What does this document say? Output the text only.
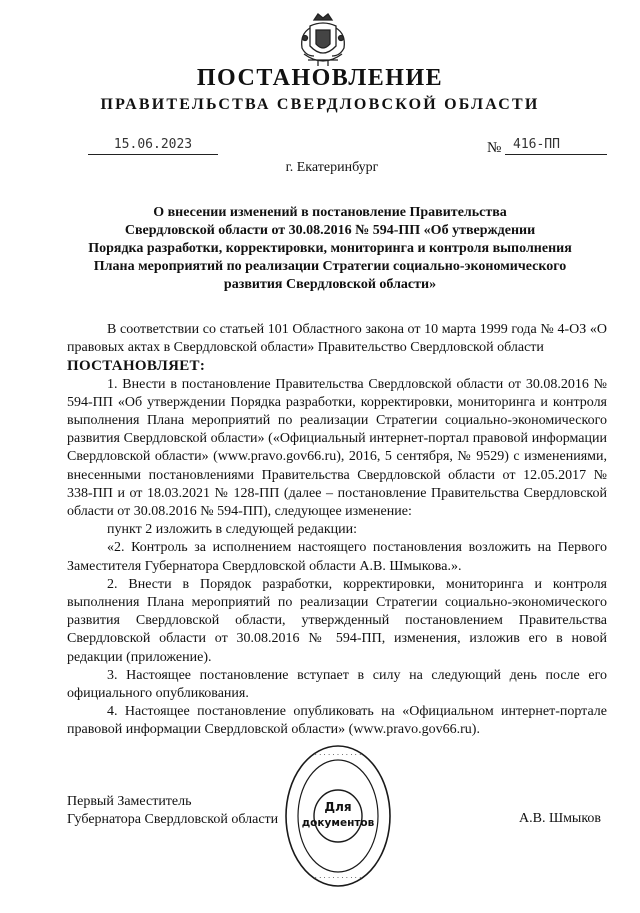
ПОСТАНОВЛЕНИЕ
ПРАВИТЕЛЬСТВА СВЕРДЛОВСКОЙ ОБЛАСТИ
15.06.2023	№ 416-ПП
г. Екатеринбург
О внесении изменений в постановление Правительства
Свердловской области от 30.08.2016 № 594-ПП «Об утверждении
Порядка разработки, корректировки, мониторинга и контроля выполнения
Плана мероприятий по реализации Стратегии социально-экономического
развития Свердловской области»

В соответствии со статьей 101 Областного закона от 10 марта 1999 года № 4-ОЗ «О правовых актах в Свердловской области» Правительство Свердловской области

ПОСТАНОВЛЯЕТ:

1. Внести в постановление Правительства Свердловской области от 30.08.2016 № 594-ПП «Об утверждении Порядка разработки, корректировки, мониторинга и контроля выполнения Плана мероприятий по реализации Стратегии социально-экономического развития Свердловской области» («Официальный интернет-портал правовой информации Свердловской области» (www.pravo.gov66.ru), 2016, 5 сентября, № 9529) с изменениями, внесенными постановлениями Правительства Свердловской области от 12.05.2017 № 338-ПП и от 18.03.2021 № 128-ПП (далее – постановление Правительства Свердловской области от 30.08.2016 № 594-ПП), следующее изменение:

пункт 2 изложить в следующей редакции:

«2. Контроль за исполнением настоящего постановления возложить на Первого Заместителя Губернатора Свердловской области А.В. Шмыкова.».

2. Внести в Порядок разработки, корректировки, мониторинга и контроля выполнения Плана мероприятий по реализации Стратегии социально-экономического развития Свердловской области, утвержденный постановлением Правительства Свердловской области от 30.08.2016 № 594-ПП, изменения, изложив его в новой редакции (приложение).

3. Настоящее постановление вступает в силу на следующий день после его официального опубликования.

4. Настоящее постановление опубликовать на «Официальном интернет-портале правовой информации Свердловской области» (www.pravo.gov66.ru).

Первый Заместитель
Губернатора Свердловской области	А.В. Шмыков
· · · · · · · · · · ·
· · · · · · · · · · ·
Для
документов
